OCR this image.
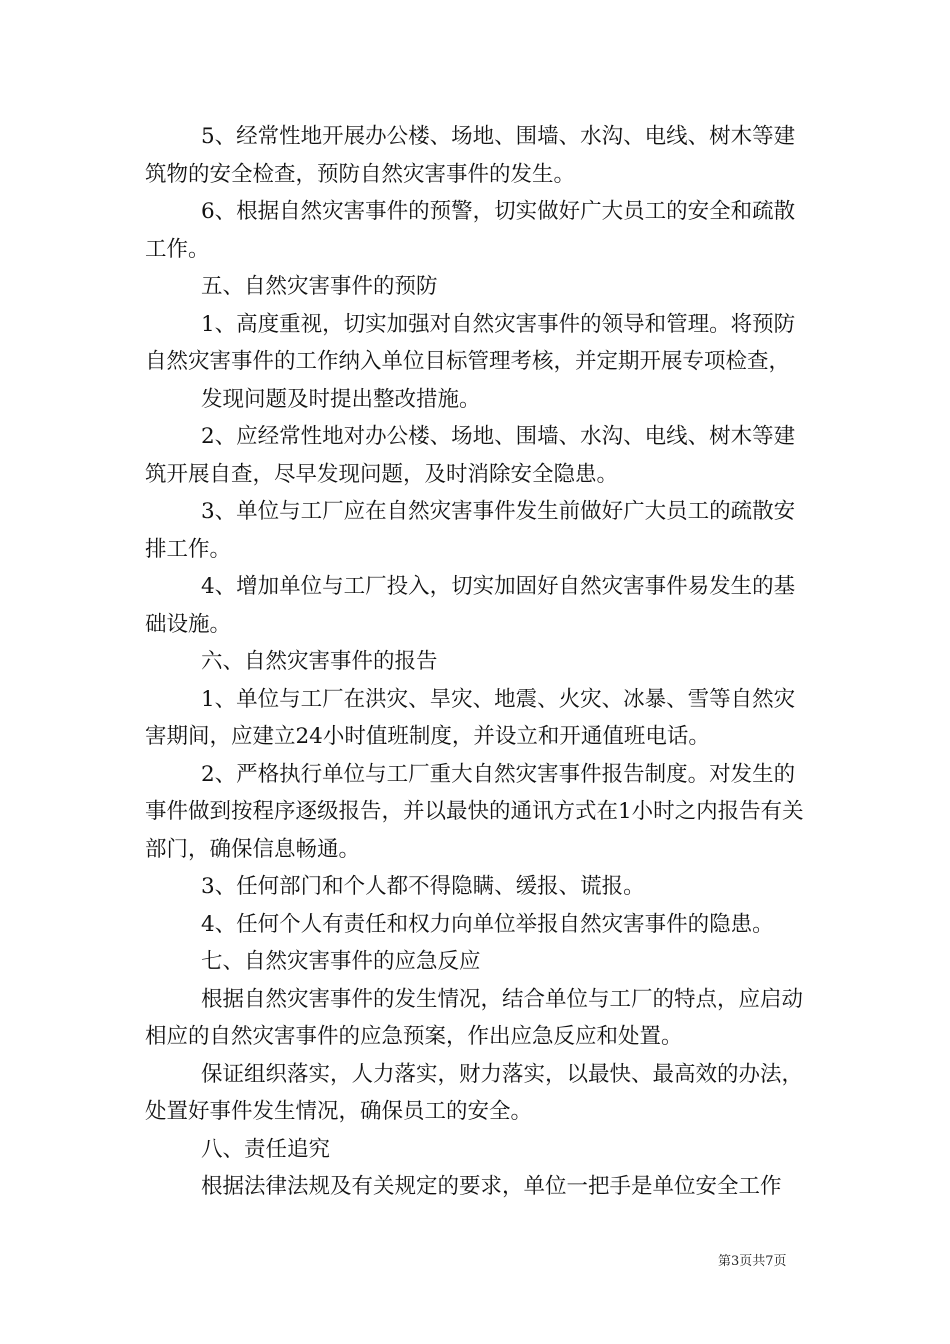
5、经常性地开展办公楼、场地、围墙、水沟、电线、树木等建筑物的安全检查，预防自然灾害事件的发生。

6、根据自然灾害事件的预警，切实做好广大员工的安全和疏散工作。

五、自然灾害事件的预防

1、高度重视，切实加强对自然灾害事件的领导和管理。将预防自然灾害事件的工作纳入单位目标管理考核，并定期开展专项检查，

发现问题及时提出整改措施。

2、应经常性地对办公楼、场地、围墙、水沟、电线、树木等建筑开展自查，尽早发现问题，及时消除安全隐患。

3、单位与工厂应在自然灾害事件发生前做好广大员工的疏散安排工作。

4、增加单位与工厂投入，切实加固好自然灾害事件易发生的基础设施。

六、自然灾害事件的报告

1、单位与工厂在洪灾、旱灾、地震、火灾、冰暴、雪等自然灾害期间，应建立24小时值班制度，并设立和开通值班电话。

2、严格执行单位与工厂重大自然灾害事件报告制度。对发生的事件做到按程序逐级报告，并以最快的通讯方式在1小时之内报告有关部门，确保信息畅通。

3、任何部门和个人都不得隐瞒、缓报、谎报。

4、任何个人有责任和权力向单位举报自然灾害事件的隐患。

七、自然灾害事件的应急反应

根据自然灾害事件的发生情况，结合单位与工厂的特点，应启动相应的自然灾害事件的应急预案，作出应急反应和处置。

保证组织落实，人力落实，财力落实，以最快、最高效的办法，处置好事件发生情况，确保员工的安全。

八、责任追究

根据法律法规及有关规定的要求，单位一把手是单位安全工作

第3页共7页
